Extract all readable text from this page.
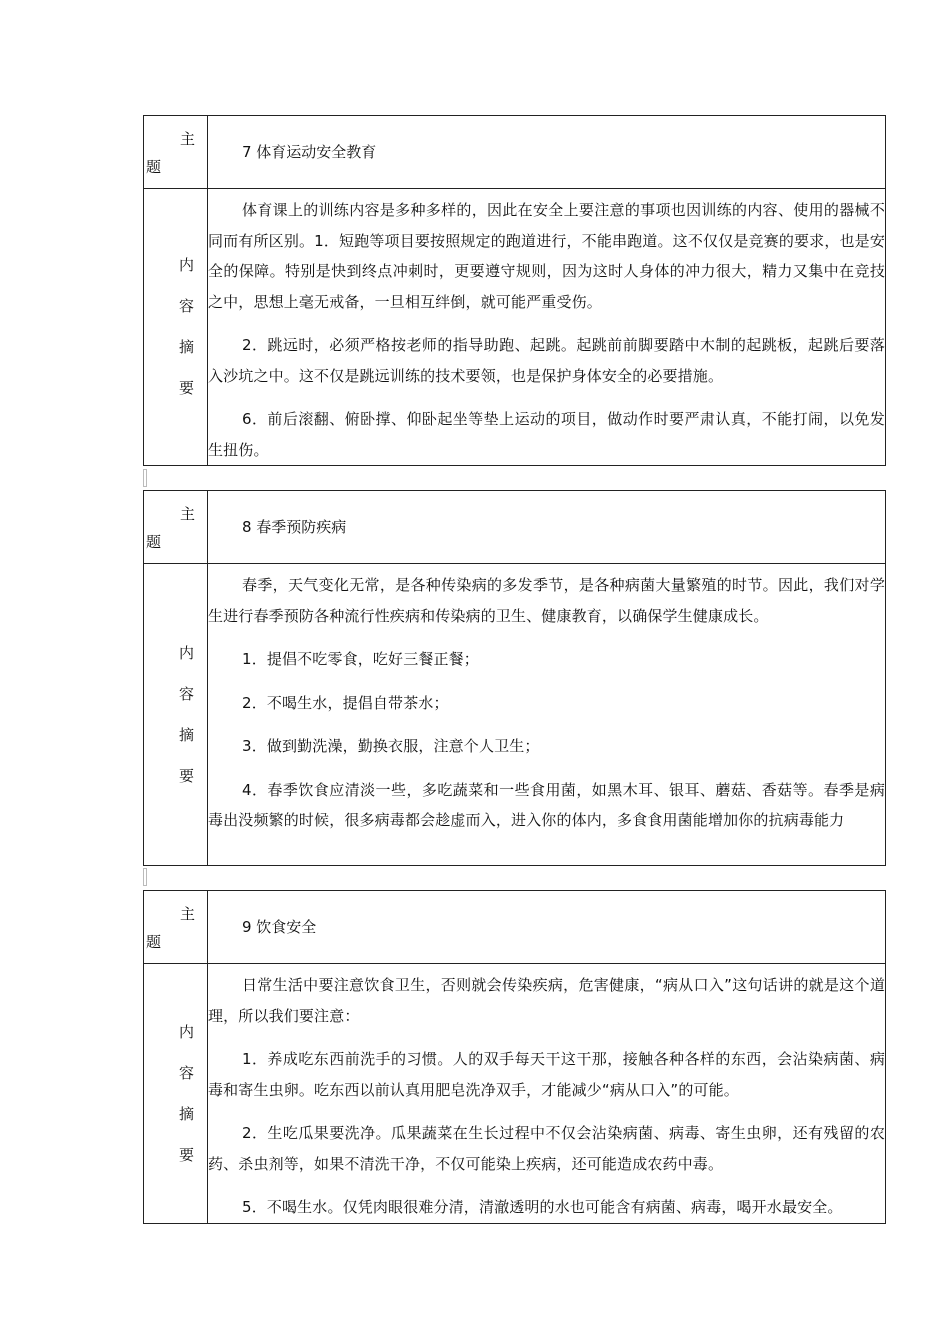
主
题
7 体育运动安全教育
内
容
摘
要

体育课上的训练内容是多种多样的，因此在安全上要注意的事项也因训练的内容、使用的器械不同而有所区别。1．短跑等项目要按照规定的跑道进行，不能串跑道。这不仅仅是竞赛的要求，也是安全的保障。特别是快到终点冲刺时，更要遵守规则，因为这时人身体的冲力很大，精力又集中在竞技之中，思想上毫无戒备，一旦相互绊倒，就可能严重受伤。

2．跳远时，必须严格按老师的指导助跑、起跳。起跳前前脚要踏中木制的起跳板，起跳后要落入沙坑之中。这不仅是跳远训练的技术要领，也是保护身体安全的必要措施。

6．前后滚翻、俯卧撑、仰卧起坐等垫上运动的项目，做动作时要严肃认真，不能打闹，以免发生扭伤。

主
题
8 春季预防疾病
内
容
摘
要

春季，天气变化无常，是各种传染病的多发季节，是各种病菌大量繁殖的时节。因此，我们对学生进行春季预防各种流行性疾病和传染病的卫生、健康教育，以确保学生健康成长。

1．提倡不吃零食，吃好三餐正餐；

2．不喝生水，提倡自带茶水；

3．做到勤洗澡，勤换衣服，注意个人卫生；

4．春季饮食应清淡一些，多吃蔬菜和一些食用菌，如黑木耳、银耳、蘑菇、香菇等。春季是病毒出没频繁的时候，很多病毒都会趁虚而入，进入你的体内，多食食用菌能增加你的抗病毒能力

主
题
9 饮食安全
内
容
摘
要

日常生活中要注意饮食卫生，否则就会传染疾病，危害健康，“病从口入”这句话讲的就是这个道理，所以我们要注意：

1．养成吃东西前洗手的习惯。人的双手每天干这干那，接触各种各样的东西，会沾染病菌、病毒和寄生虫卵。吃东西以前认真用肥皂洗净双手，才能减少“病从口入”的可能。

2．生吃瓜果要洗净。瓜果蔬菜在生长过程中不仅会沾染病菌、病毒、寄生虫卵，还有残留的农药、杀虫剂等，如果不清洗干净，不仅可能染上疾病，还可能造成农药中毒。

5．不喝生水。仅凭肉眼很难分清，清澈透明的水也可能含有病菌、病毒，喝开水最安全。
